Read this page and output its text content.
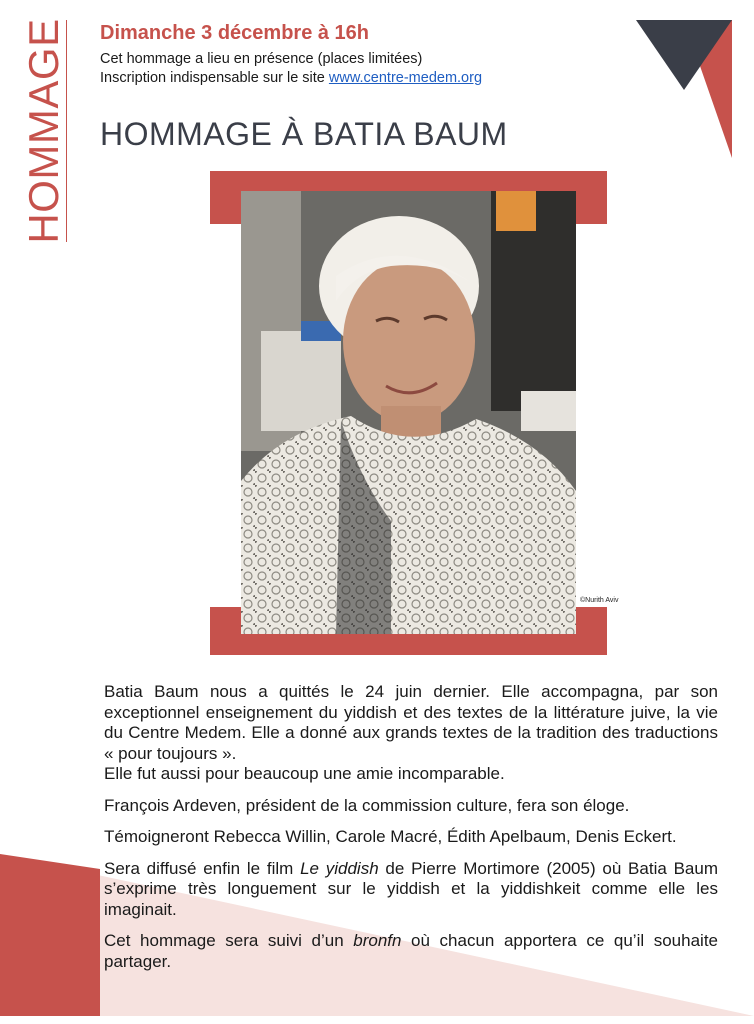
HOMMAGE Dimanche 3 décembre à 16h
Cet hommage a lieu en présence (places limitées)
Inscription indispensable sur le site www.centre-medem.org
HOMMAGE À BATIA BAUM
©Nurith Aviv

Batia Baum nous a quittés le 24 juin dernier. Elle accompagna, par son exceptionnel enseignement du yiddish et des textes de la littérature juive, la vie du Centre Medem. Elle a donné aux grands textes de la tradition des traductions « pour toujours ».

Elle fut aussi pour beaucoup une amie incomparable.

François Ardeven, président de la commission culture, fera son éloge.

Témoigneront Rebecca Willin, Carole Macré, Édith Apelbaum, Denis Eckert.

Sera diffusé enfin le film Le yiddish de Pierre Mortimore (2005) où Batia Baum s’exprime très longuement sur le yiddish et la yiddishkeit comme elle les imaginait.

Cet hommage sera suivi d’un bronfn où chacun apportera ce qu’il souhaite partager.
